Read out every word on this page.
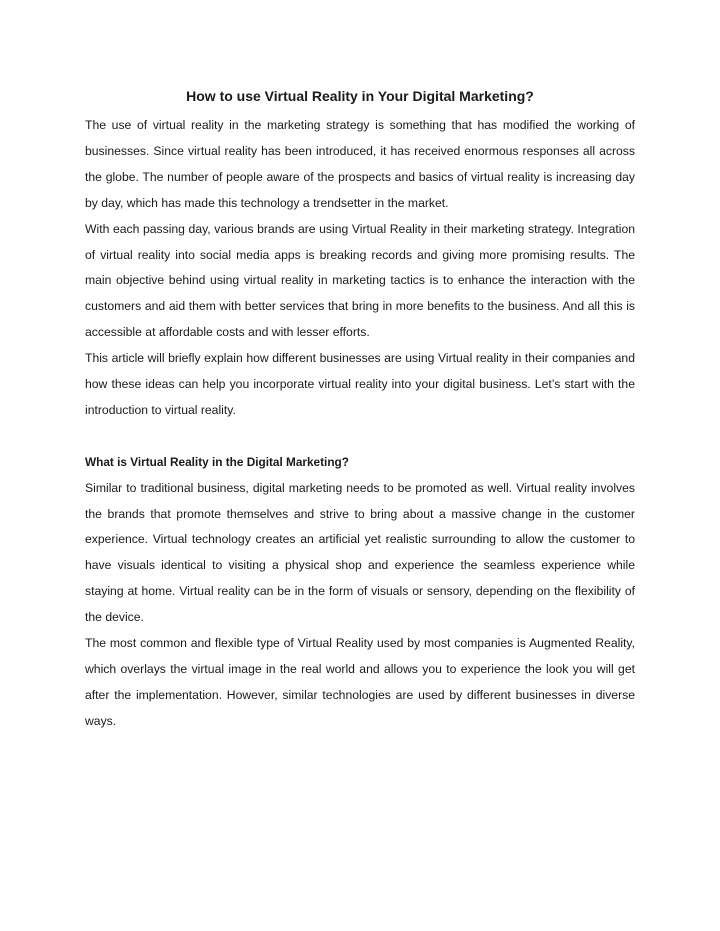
How to use Virtual Reality in Your Digital Marketing?

The use of virtual reality in the marketing strategy is something that has modified the working of businesses. Since virtual reality has been introduced, it has received enormous responses all across the globe. The number of people aware of the prospects and basics of virtual reality is increasing day by day, which has made this technology a trendsetter in the market.

With each passing day, various brands are using Virtual Reality in their marketing strategy. Integration of virtual reality into social media apps is breaking records and giving more promising results. The main objective behind using virtual reality in marketing tactics is to enhance the interaction with the customers and aid them with better services that bring in more benefits to the business. And all this is accessible at affordable costs and with lesser efforts.

This article will briefly explain how different businesses are using Virtual reality in their companies and how these ideas can help you incorporate virtual reality into your digital business. Let’s start with the introduction to virtual reality.

What is Virtual Reality in the Digital Marketing?

Similar to traditional business, digital marketing needs to be promoted as well. Virtual reality involves the brands that promote themselves and strive to bring about a massive change in the customer experience. Virtual technology creates an artificial yet realistic surrounding to allow the customer to have visuals identical to visiting a physical shop and experience the seamless experience while staying at home. Virtual reality can be in the form of visuals or sensory, depending on the flexibility of the device.

The most common and flexible type of Virtual Reality used by most companies is Augmented Reality, which overlays the virtual image in the real world and allows you to experience the look you will get after the implementation. However, similar technologies are used by different businesses in diverse ways.
